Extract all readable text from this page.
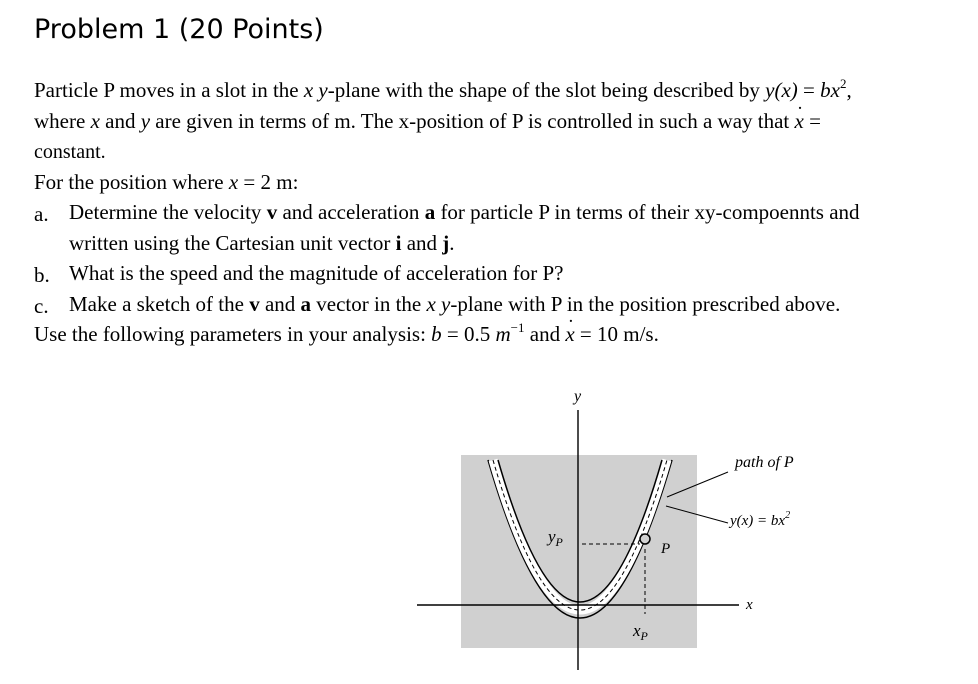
Problem 1 (20 Points)
Particle P moves in a slot in the x y-plane with the shape of the slot being described by $y(x) = bx^2$,
where x and y are given in terms of m. The x-position of P is controlled in such a way that x ˙ =
constant.
For the position where x = 2 m:
a. Determine the velocity v and acceleration a for particle P in terms of their xy-compoennts and
written using the Cartesian unit vector i and j.
b. What is the speed and the magnitude of acceleration for P?
c. Make a sketch of the v and a vector in the x y-plane with P in the position prescribed above.
Use the following parameters in your analysis: b = 0.5 $m^{-1}$ and x ˙ = 10 m/s.
y
x
path of P
$y(x) = bx^2$
P
$y_P$
$x_P$
